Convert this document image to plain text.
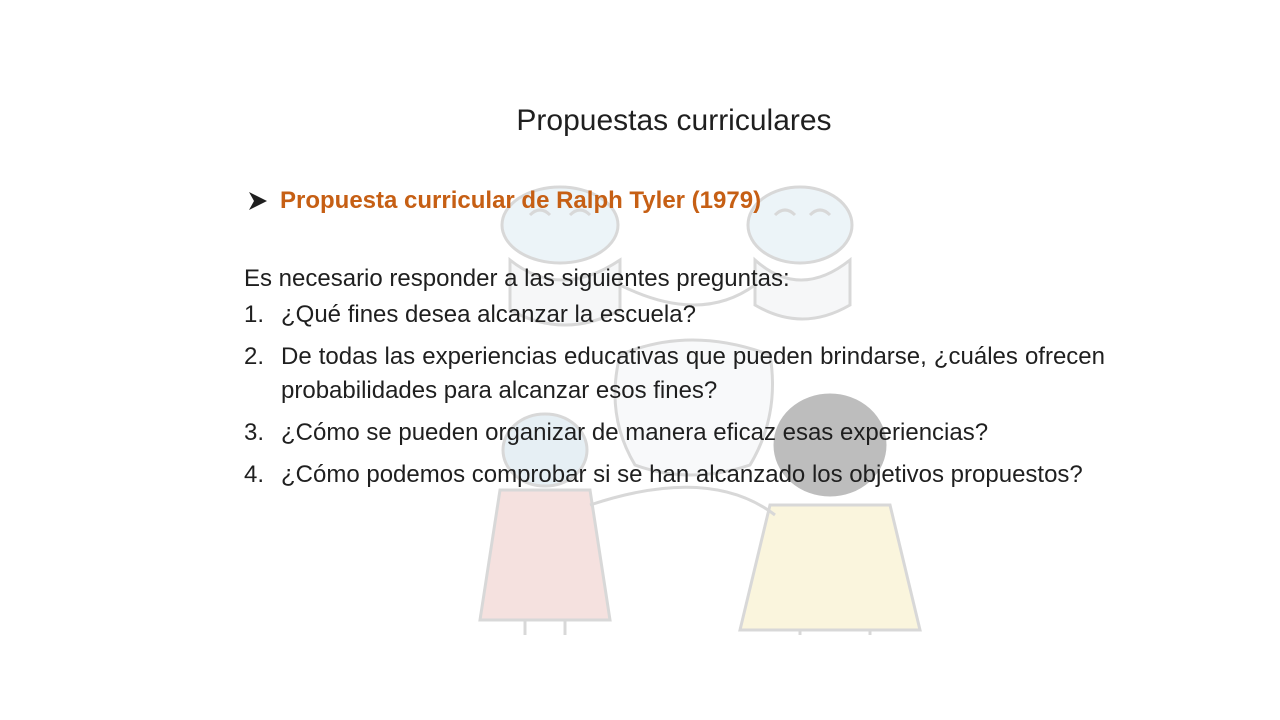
Propuestas curriculares
Propuesta curricular de Ralph Tyler (1979)
Es necesario responder a las siguientes preguntas:
1. ¿Qué fines desea alcanzar la escuela?
2. De todas las experiencias educativas que pueden brindarse, ¿cuáles ofrecen probabilidades para alcanzar esos fines?
3. ¿Cómo se pueden organizar de manera eficaz esas experiencias?
4. ¿Cómo podemos comprobar si se han alcanzado los objetivos propuestos?
